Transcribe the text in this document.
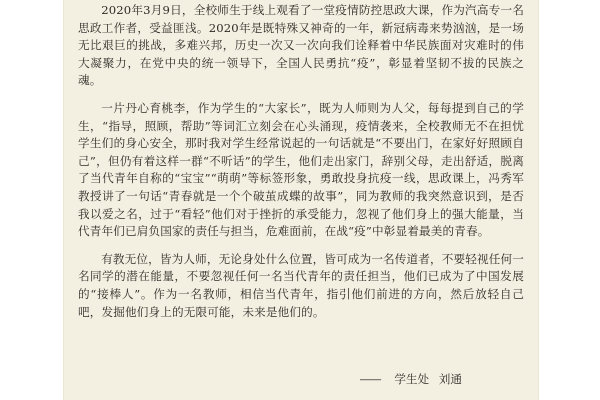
2020年3月9日，全校师生于线上观看了一堂疫情防控思政大课，作为汽高专一名思政工作者，受益匪浅。2020年是既特殊又神奇的一年，新冠病毒来势汹汹，是一场无比艰巨的挑战，多难兴邦，历史一次又一次向我们诠释着中华民族面对灾难时的伟大凝聚力，在党中央的统一领导下，全国人民勇抗“疫”，彰显着坚韧不拔的民族之魂。

一片丹心育桃李，作为学生的“大家长”，既为人师则为人父，每每提到自己的学生，“指导，照顾，帮助”等词汇立刻会在心头涌现，疫情袭来，全校教师无不在担忧学生们的身心安全，那时我对学生经常说起的一句话就是“不要出门，在家好好照顾自己”，但仍有着这样一群“不听话”的学生，他们走出家门，辞别父母，走出舒适，脱离了当代青年自称的“宝宝”“萌萌”等标签形象，勇敢投身抗疫一线，思政课上，冯秀军教授讲了一句话“青春就是一个个破茧成蝶的故事”，同为教师的我突然意识到，是否我以爱之名，过于“看轻”他们对于挫折的承受能力，忽视了他们身上的强大能量，当代青年们已肩负国家的责任与担当，危难面前，在战“疫”中彰显着最美的青春。

有教无位，皆为人师，无论身处什么位置，皆可成为一名传道者，不要轻视任何一名同学的潜在能量，不要忽视任何一名当代青年的责任担当，他们已成为了中国发展的“接棒人”。作为一名教师，相信当代青年，指引他们前进的方向，然后放轻自己吧，发掘他们身上的无限可能，未来是他们的。

—— 学生处 刘通
